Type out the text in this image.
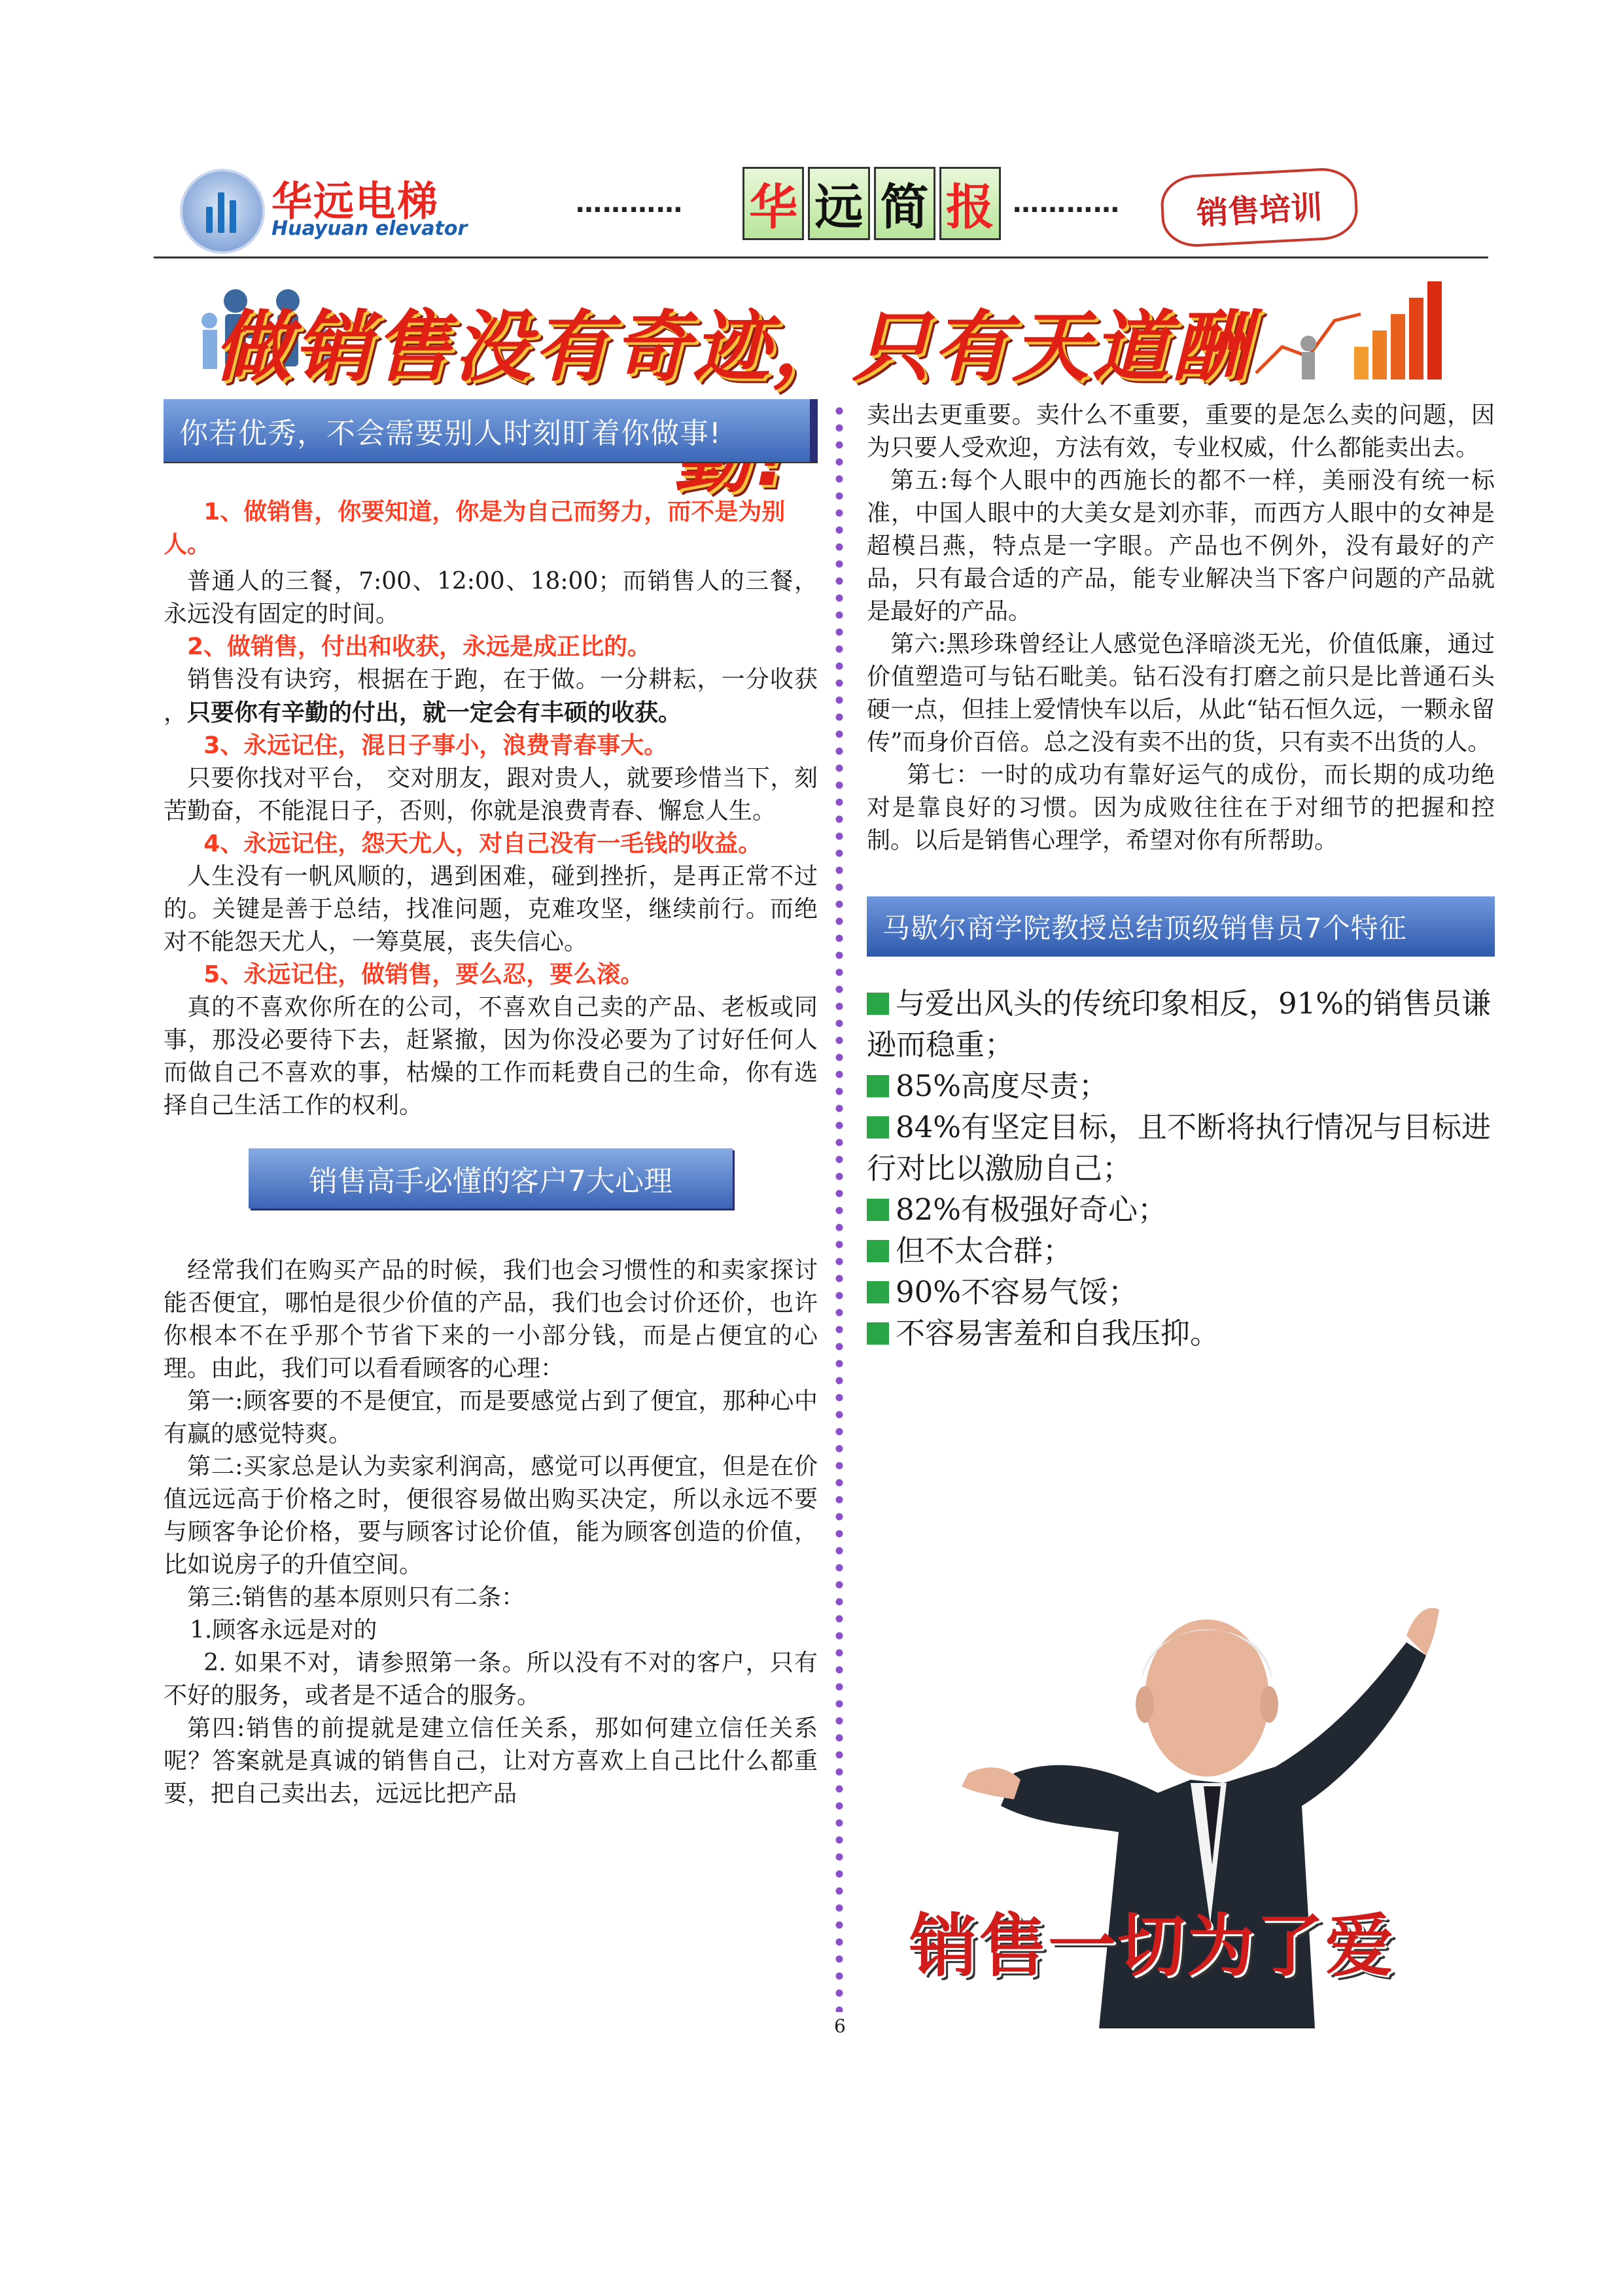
华远电梯
Huayuan elevator
………… 华 远 简 报 …………	销售培训
做销售没有奇迹，只有天道酬
你若优秀，不会需要别人时刻盯着你做事!

1、做销售，你要知道，你是为自己而努力，而不是为别人。

普通人的三餐，7:00、12:00、18:00；而销售人的三餐，永远没有固定的时间。

2、做销售，付出和收获，永远是成正比的。

销售没有诀窍，根据在于跑，在于做。一分耕耘，一分收获 ，只要你有辛勤的付出，就一定会有丰硕的收获。

3、永远记住，混日子事小，浪费青春事大。

只要你找对平台， 交对朋友，跟对贵人，就要珍惜当下，刻苦勤奋，不能混日子，否则，你就是浪费青春、懈怠人生。

4、永远记住，怨天尤人，对自己没有一毛钱的收益。

人生没有一帆风顺的，遇到困难，碰到挫折，是再正常不过的。关键是善于总结，找准问题，克难攻坚，继续前行。而绝对不能怨天尤人，一筹莫展，丧失信心。

5、永远记住，做销售，要么忍，要么滚。

真的不喜欢你所在的公司，不喜欢自己卖的产品、老板或同事，那没必要待下去，赶紧撤，因为你没必要为了讨好任何人而做自己不喜欢的事，枯燥的工作而耗费自己的生命，你有选择自己生活工作的权利。

销售高手必懂的客户7大心理

经常我们在购买产品的时候，我们也会习惯性的和卖家探讨能否便宜，哪怕是很少价值的产品，我们也会讨价还价，也许你根本不在乎那个节省下来的一小部分钱，而是占便宜的心理。由此，我们可以看看顾客的心理：

第一:顾客要的不是便宜，而是要感觉占到了便宜，那种心中有赢的感觉特爽。

第二:买家总是认为卖家利润高，感觉可以再便宜，但是在价值远远高于价格之时，便很容易做出购买决定，所以永远不要与顾客争论价格，要与顾客讨论价值，能为顾客创造的价值，比如说房子的升值空间。

第三:销售的基本原则只有二条：

1.顾客永远是对的

2. 如果不对，请参照第一条。所以没有不对的客户，只有不好的服务，或者是不适合的服务。

第四:销售的前提就是建立信任关系，那如何建立信任关系呢？答案就是真诚的销售自己，让对方喜欢上自己比什么都重要，把自己卖出去，远远比把产品

卖出去更重要。卖什么不重要，重要的是怎么卖的问题，因为只要人受欢迎，方法有效，专业权威，什么都能卖出去。

第五:每个人眼中的西施长的都不一样，美丽没有统一标准，中国人眼中的大美女是刘亦菲，而西方人眼中的女神是超模吕燕，特点是一字眼。产品也不例外，没有最好的产品，只有最合适的产品，能专业解决当下客户问题的产品就是最好的产品。

第六:黑珍珠曾经让人感觉色泽暗淡无光，价值低廉，通过价值塑造可与钻石毗美。钻石没有打磨之前只是比普通石头硬一点，但挂上爱情快车以后，从此“钻石恒久远，一颗永留传”而身价百倍。总之没有卖不出的货，只有卖不出货的人。

第七：一时的成功有靠好运气的成份，而长期的成功绝对是靠良好的习惯。因为成败往往在于对细节的把握和控制。以后是销售心理学，希望对你有所帮助。

马歇尔商学院教授总结顶级销售员7个特征
与爱出风头的传统印象相反，91%的销售员谦逊而稳重；
85%高度尽责；
84%有坚定目标，且不断将执行情况与目标进行对比以激励自己；
82%有极强好奇心；
但不太合群；
90%不容易气馁；
不容易害羞和自我压抑。
销售一切为了爱
6
